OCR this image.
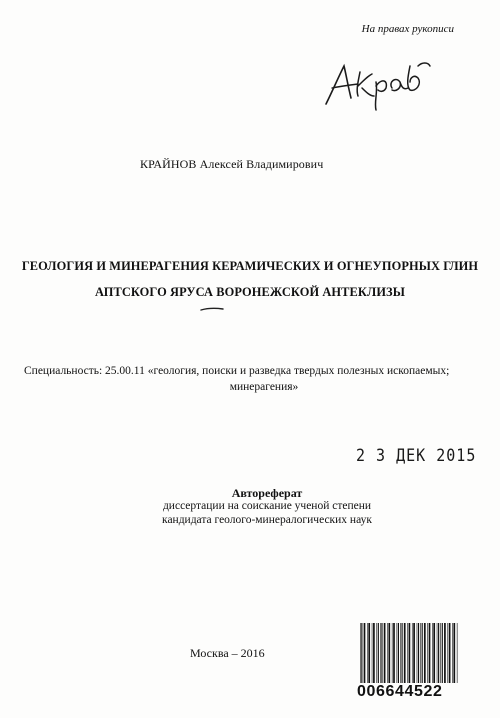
На правах рукописи
КРАЙНОВ Алексей Владимирович
ГЕОЛОГИЯ И МИНЕРАГЕНИЯ КЕРАМИЧЕСКИХ И ОГНЕУПОРНЫХ ГЛИН
АПТСКОГО ЯРУСА ВОРОНЕЖСКОЙ АНТЕКЛИЗЫ
Специальность: 25.00.11 «геология, поиски и разведка твердых полезных ископаемых;
минерагения»
2 3 ДЕК 2015
Автореферат
диссертации на соискание ученой степени
кандидата геолого-минералогических наук
Москва – 2016
006644522
